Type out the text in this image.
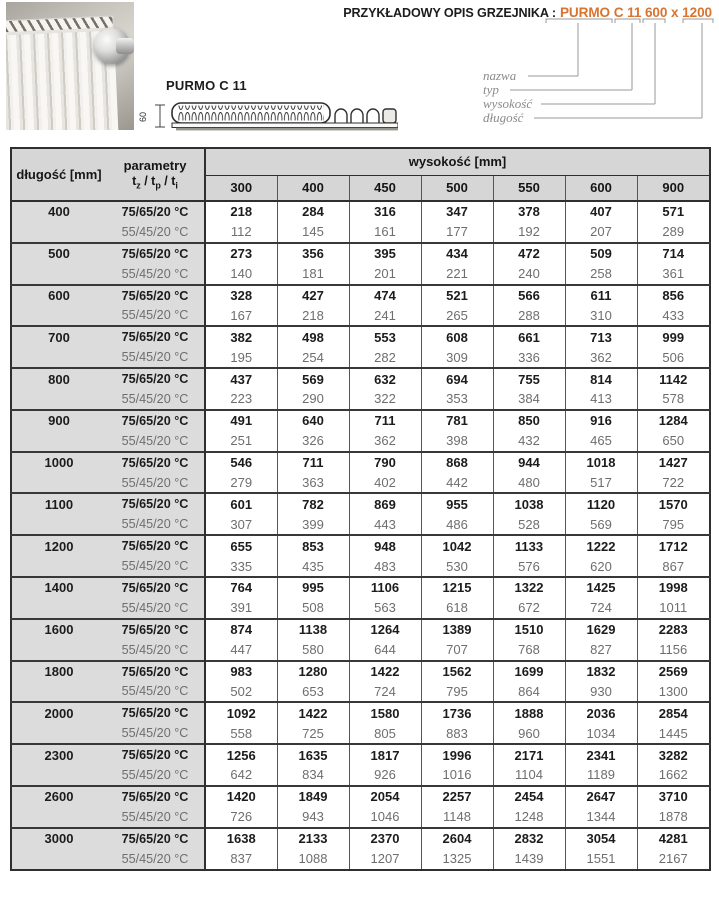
PURMO C 11
60
PRZYKŁADOWY OPIS GRZEJNIKA : PURMO C 11 600 x 1200
nazwa
typ
wysokość
długość
długość [mm]	parametry
$t_z / t_p / t_i$	wysokość [mm]						
		300	400	450	500	550	600	900
400	75/65/20 °C	218	284	316	347	378	407	571
	55/45/20 °C	112	145	161	177	192	207	289
500	75/65/20 °C	273	356	395	434	472	509	714
	55/45/20 °C	140	181	201	221	240	258	361
600	75/65/20 °C	328	427	474	521	566	611	856
	55/45/20 °C	167	218	241	265	288	310	433
700	75/65/20 °C	382	498	553	608	661	713	999
	55/45/20 °C	195	254	282	309	336	362	506
800	75/65/20 °C	437	569	632	694	755	814	1142
	55/45/20 °C	223	290	322	353	384	413	578
900	75/65/20 °C	491	640	711	781	850	916	1284
	55/45/20 °C	251	326	362	398	432	465	650
1000	75/65/20 °C	546	711	790	868	944	1018	1427
	55/45/20 °C	279	363	402	442	480	517	722
1100	75/65/20 °C	601	782	869	955	1038	1120	1570
	55/45/20 °C	307	399	443	486	528	569	795
1200	75/65/20 °C	655	853	948	1042	1133	1222	1712
	55/45/20 °C	335	435	483	530	576	620	867
1400	75/65/20 °C	764	995	1106	1215	1322	1425	1998
	55/45/20 °C	391	508	563	618	672	724	1011
1600	75/65/20 °C	874	1138	1264	1389	1510	1629	2283
	55/45/20 °C	447	580	644	707	768	827	1156
1800	75/65/20 °C	983	1280	1422	1562	1699	1832	2569
	55/45/20 °C	502	653	724	795	864	930	1300
2000	75/65/20 °C	1092	1422	1580	1736	1888	2036	2854
	55/45/20 °C	558	725	805	883	960	1034	1445
2300	75/65/20 °C	1256	1635	1817	1996	2171	2341	3282
	55/45/20 °C	642	834	926	1016	1104	1189	1662
2600	75/65/20 °C	1420	1849	2054	2257	2454	2647	3710
	55/45/20 °C	726	943	1046	1148	1248	1344	1878
3000	75/65/20 °C	1638	2133	2370	2604	2832	3054	4281
	55/45/20 °C	837	1088	1207	1325	1439	1551	2167
